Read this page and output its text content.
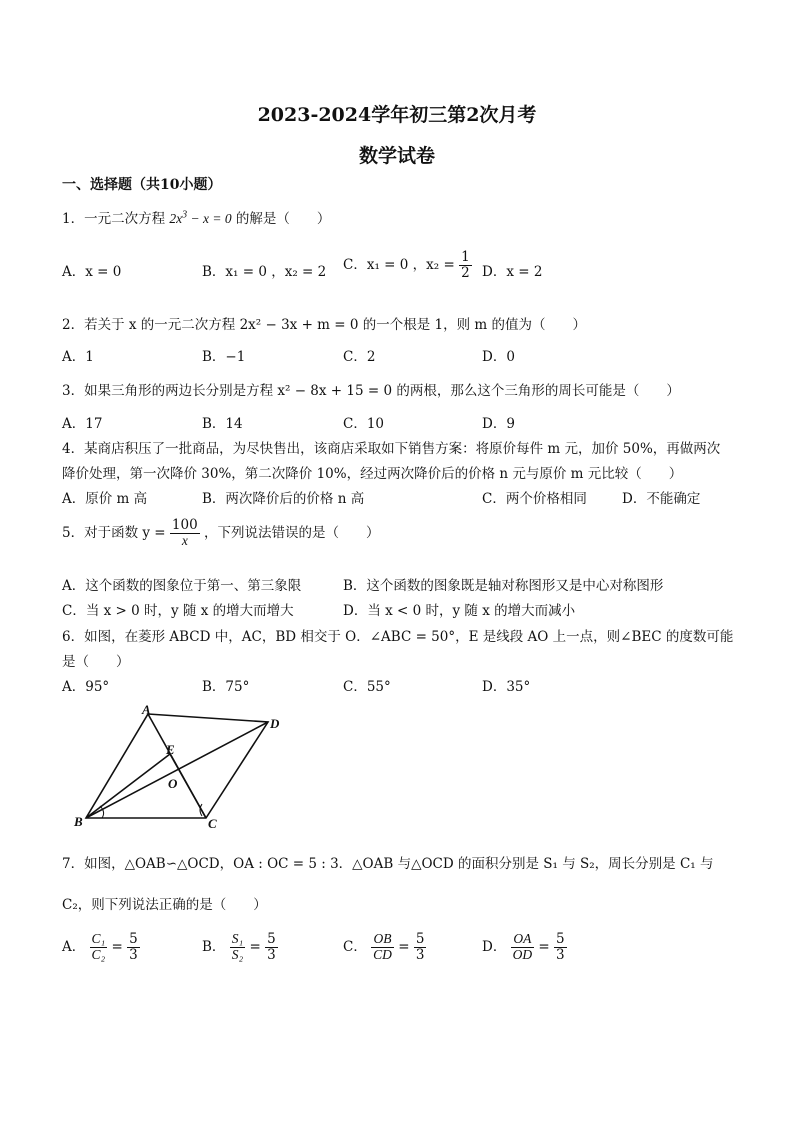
2023-2024学年初三第2次月考
数学试卷
一、选择题（共10小题）
1．一元二次方程 $2x^3 - x = 0$ 的解是（　　）
A．x = 0	B．x₁ = 0 ，x₂ = 2 C．x₁ = 0 ，$x_2 = \frac{1}{2}$ D．x = 2
2．若关于 x 的一元二次方程 2x² − 3x + m = 0 的一个根是 1，则 m 的值为（　　）
A．1	B．−1	C．2	D．0
3．如果三角形的两边长分别是方程 x² − 8x + 15 = 0 的两根，那么这个三角形的周长可能是（　　）
A．17	B．14	C．10	D．9
4．某商店积压了一批商品，为尽快售出，该商店采取如下销售方案：将原价每件 m 元，加价 50%，再做两次
降价处理，第一次降价 30%，第二次降价 10%，经过两次降价后的价格 n 元与原价 m 元比较（　　）
A．原价 m 高	B．两次降价后的价格 n 高	C．两个价格相同	D．不能确定
5．对于函数 $y = \frac{100}{x}$ ，下列说法错误的是（　　）
A．这个函数的图象位于第一、第三象限	B．这个函数的图象既是轴对称图形又是中心对称图形
C．当 x > 0 时，y 随 x 的增大而增大	D．当 x < 0 时，y 随 x 的增大而减小
6．如图，在菱形 ABCD 中，AC，BD 相交于 O．∠ABC = 50°，E 是线段 AO 上一点，则∠BEC 的度数可能
是（　　）
A．95°	B．75°	C．55°	D．35°
A
D
B	C
E
O
7．如图，△OAB∽△OCD，OA : OC = 5 : 3．△OAB 与△OCD 的面积分别是 S₁ 与 S₂，周长分别是 C₁ 与
C₂，则下列说法正确的是（　　）
A． $\frac{\text{C₁}}{\text{C₂}} = \frac{5}{3}$	B． $\frac{\text{S₁}}{\text{S₂}} = \frac{5}{3}$	C． $\frac{OB}{CD} = \frac{5}{3}$	D． $\frac{OA}{OD} = \frac{5}{3}$
